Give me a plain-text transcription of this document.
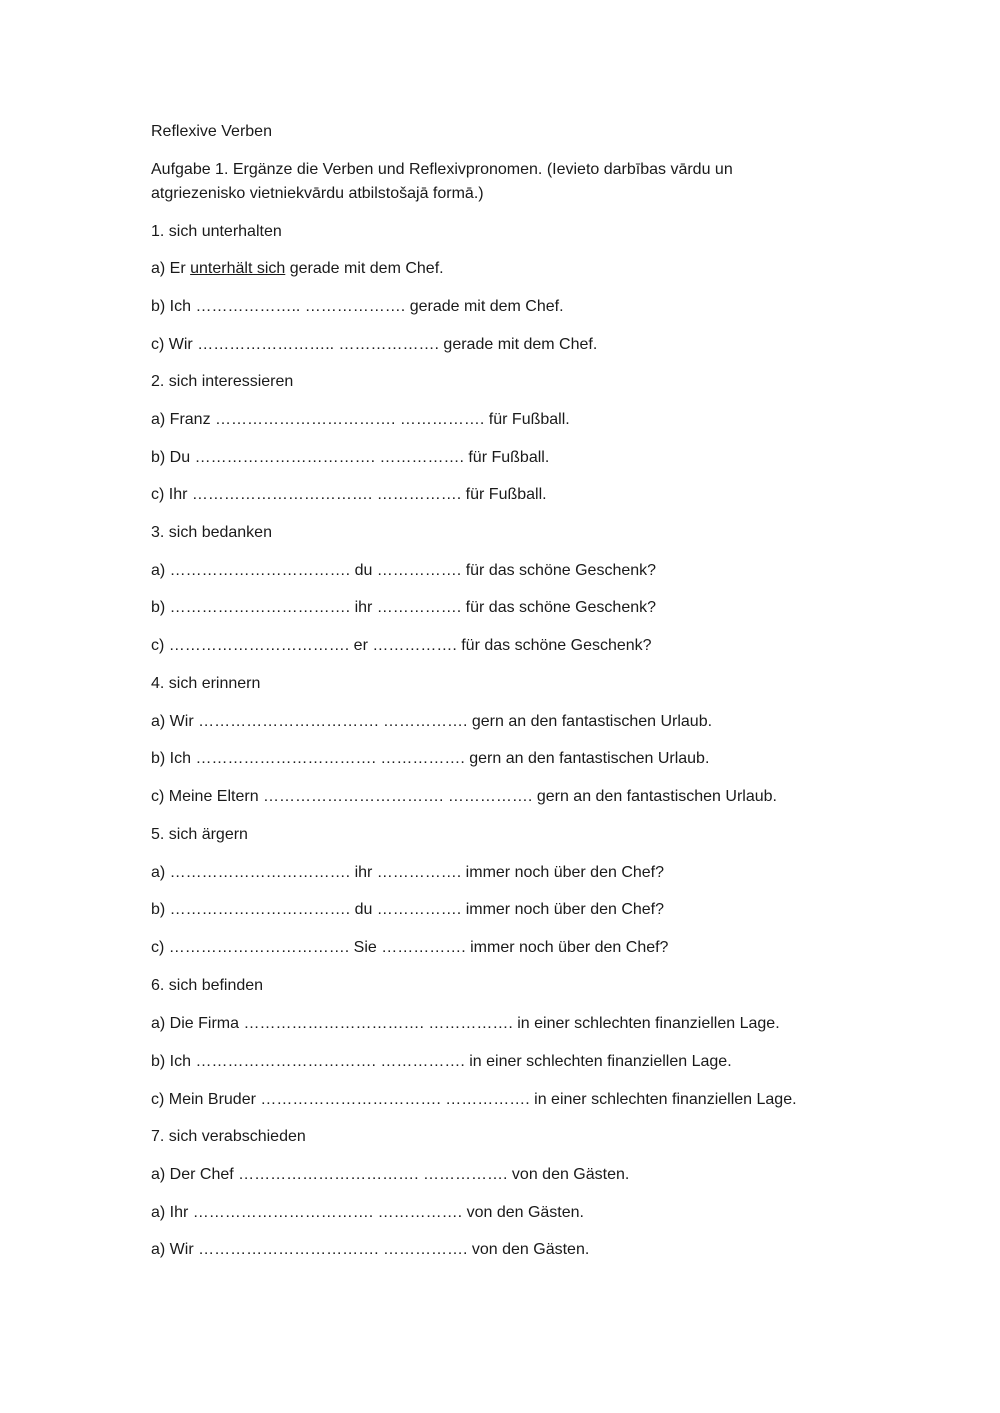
Reflexive Verben
Aufgabe 1. Ergänze die Verben und Reflexivpronomen. (Ievieto darbības vārdu un
atgriezenisko vietniekvārdu atbilstošajā formā.)
1. sich unterhalten
a) Er unterhält sich gerade mit dem Chef.
b) Ich ……………….. ………………. gerade mit dem Chef.
c) Wir …………………….. ………………. gerade mit dem Chef.
2. sich interessieren
a) Franz ……………………………. ……………. für Fußball.
b) Du ……………………………. ……………. für Fußball.
c) Ihr ……………………………. ……………. für Fußball.
3. sich bedanken
a) ……………………………. du ……………. für das schöne Geschenk?
b) ……………………………. ihr ……………. für das schöne Geschenk?
c) ……………………………. er ……………. für das schöne Geschenk?
4. sich erinnern
a) Wir ……………………………. ……………. gern an den fantastischen Urlaub.
b) Ich ……………………………. ……………. gern an den fantastischen Urlaub.
c) Meine Eltern ……………………………. ……………. gern an den fantastischen Urlaub.
5. sich ärgern
a) ……………………………. ihr ……………. immer noch über den Chef?
b) ……………………………. du ……………. immer noch über den Chef?
c) ……………………………. Sie ……………. immer noch über den Chef?
6. sich befinden
a) Die Firma ……………………………. ……………. in einer schlechten finanziellen Lage.
b) Ich ……………………………. ……………. in einer schlechten finanziellen Lage.
c) Mein Bruder ……………………………. ……………. in einer schlechten finanziellen Lage.
7. sich verabschieden
a) Der Chef ……………………………. ……………. von den Gästen.
a) Ihr ……………………………. ……………. von den Gästen.
a) Wir ……………………………. ……………. von den Gästen.
